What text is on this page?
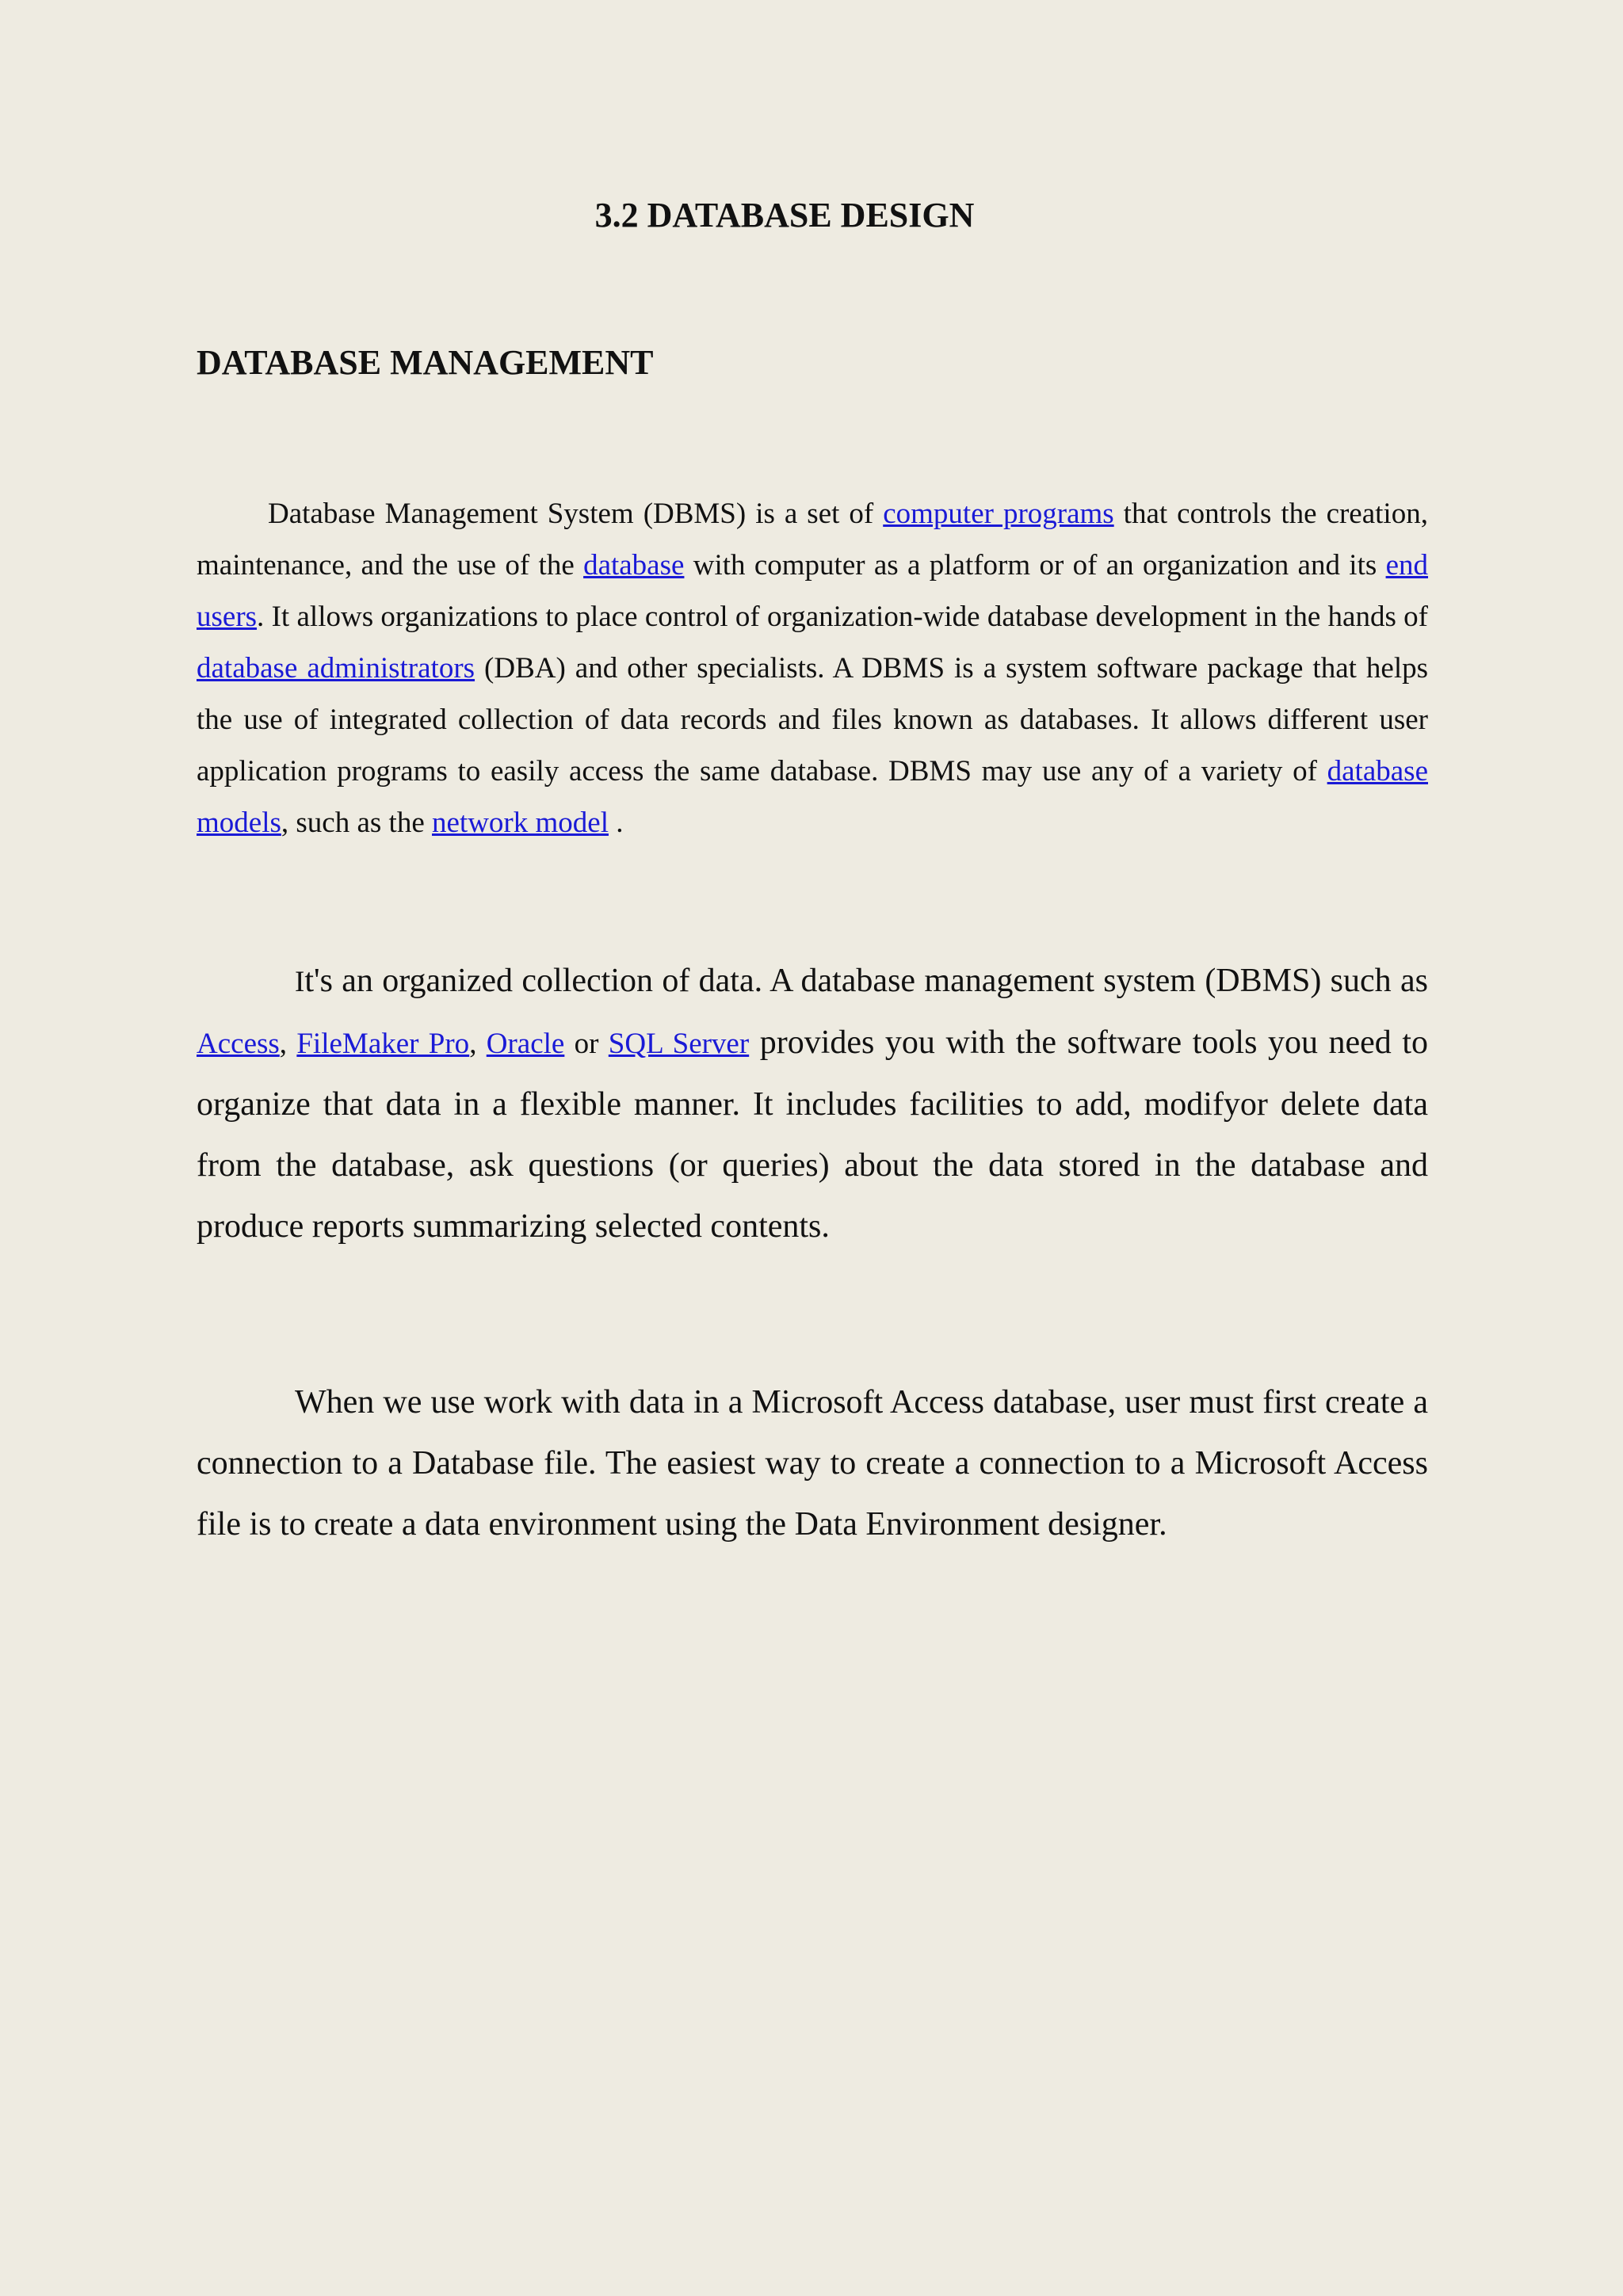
3.2 DATABASE DESIGN
DATABASE MANAGEMENT

Database Management System (DBMS) is a set of computer programs that controls the creation, maintenance, and the use of the database with computer as a platform or of an organization and its end users. It allows organizations to place control of organization-wide database development in the hands of database administrators (DBA) and other specialists. A DBMS is a system software package that helps the use of integrated collection of data records and files known as databases. It allows different user application programs to easily access the same database. DBMS may use any of a variety of database models, such as the network model .

It's an organized collection of data. A database management system (DBMS) such as Access, FileMaker Pro, Oracle or SQL Server provides you with the software tools you need to organize that data in a flexible manner. It includes facilities to add, modifyor delete data from the database, ask questions (or queries) about the data stored in the database and produce reports summarizing selected contents.

When we use work with data in a Microsoft Access database, user must first create a connection to a Database file. The easiest way to create a connection to a Microsoft Access file is to create a data environment using the Data Environment designer.
